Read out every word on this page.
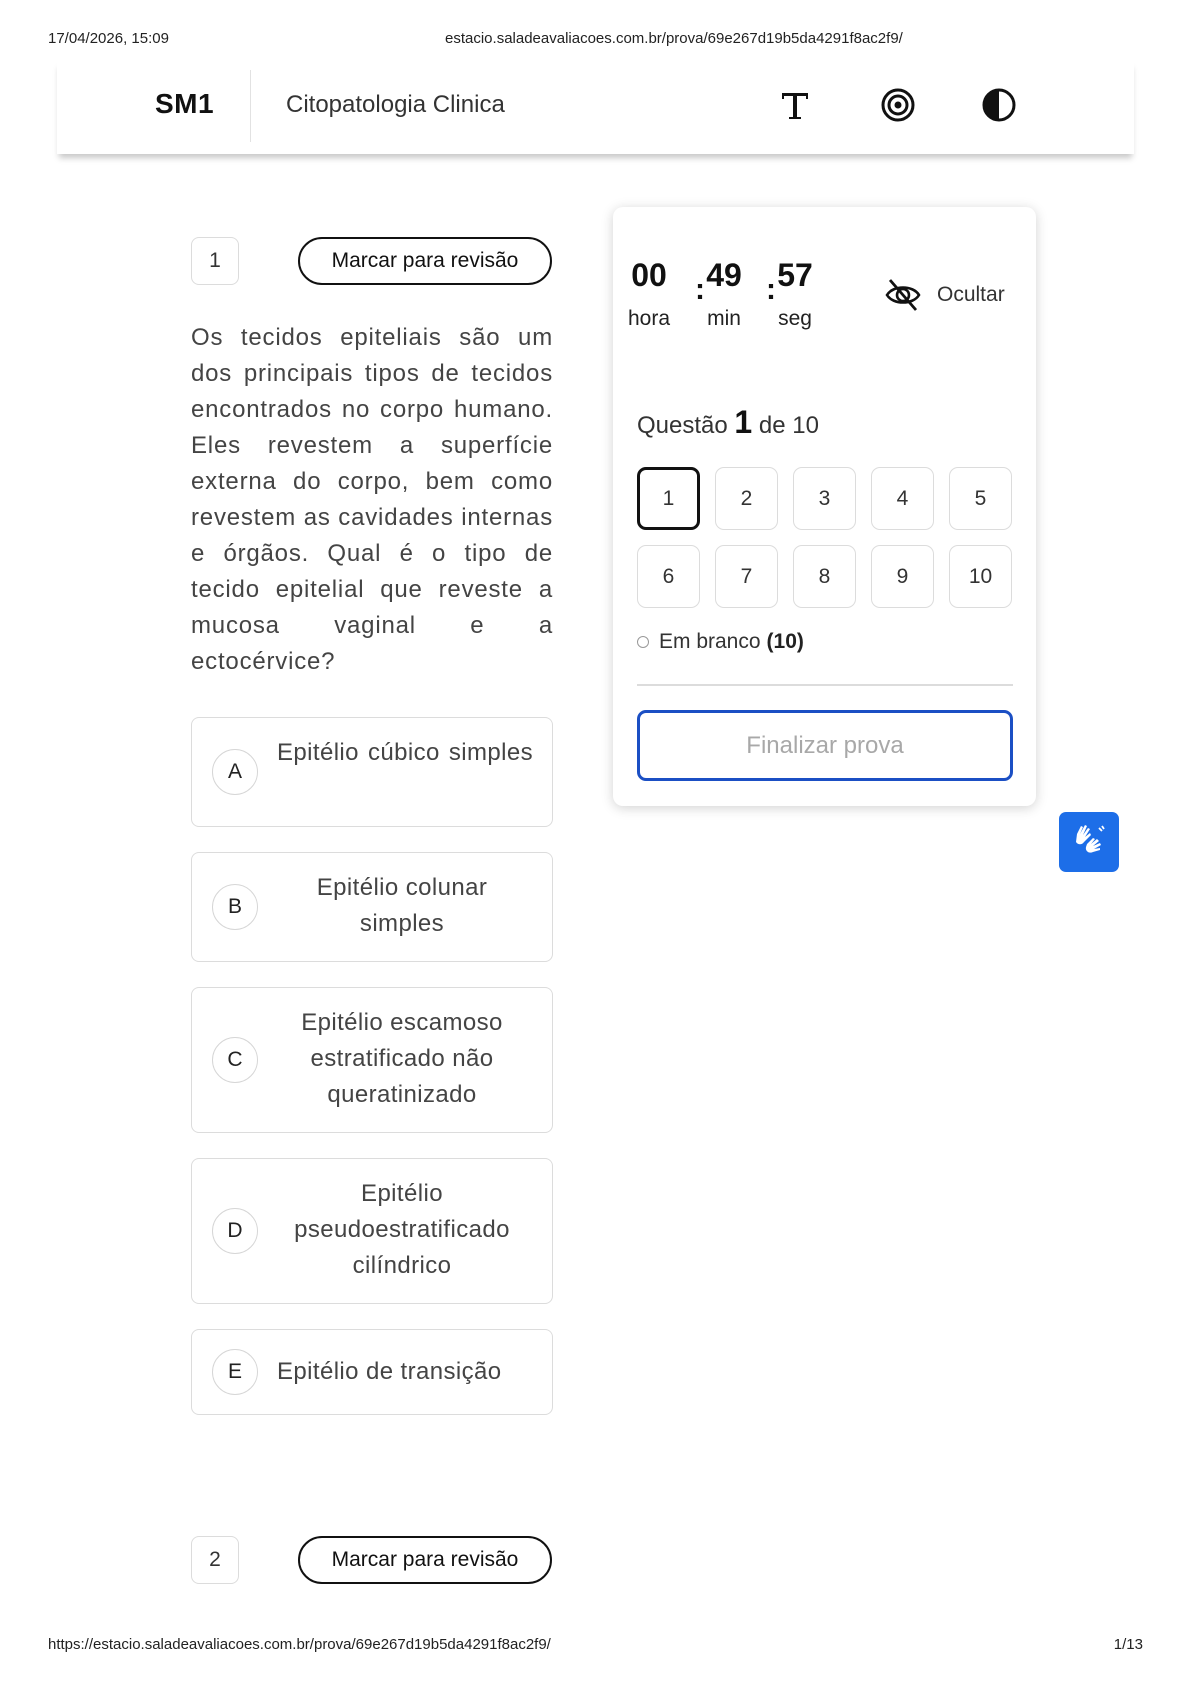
17/04/2026, 15:09	estacio.saladeavaliacoes.com.br/prova/69e267d19b5da4291f8ac2f9/
SM1	Citopatologia Clinica
1	Marcar para revisão
Os tecidos epiteliais são um dos principais tipos de tecidos encontrados no corpo humano. Eles revestem a superfície externa do corpo, bem como revestem as cavidades internas e órgãos. Qual é o tipo de tecido epitelial que reveste a mucosa vaginal e a ectocérvice?
A
Epitélio cúbico simples
B
Epitélio colunar simples
C
Epitélio escamoso estratificado não queratinizado
D
Epitélio pseudoestratificado cilíndrico
E	Epitélio de transição
2	Marcar para revisão
00
hora
: 49
min
: 57
seg
Ocultar
Questão 1 de 10
1	2	3	4	5
6	7	8	9	10
Em branco (10)
Finalizar prova
https://estacio.saladeavaliacoes.com.br/prova/69e267d19b5da4291f8ac2f9/	1/13
